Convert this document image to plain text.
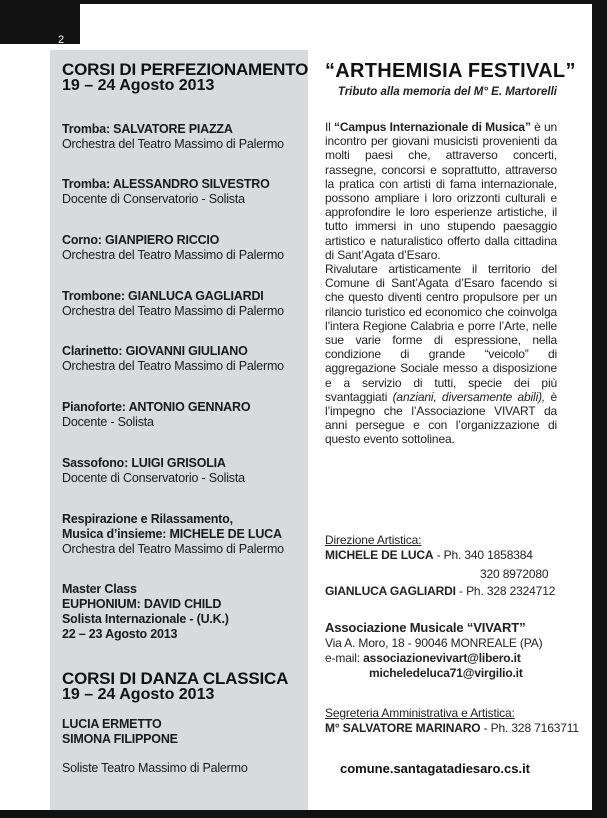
2
CORSI DI PERFEZIONAMENTO
19 – 24 Agosto 2013
Tromba: SALVATORE PIAZZA
Orchestra del Teatro Massimo di Palermo
Tromba: ALESSANDRO SILVESTRO
Docente di Conservatorio - Solista
Corno: GIANPIERO RICCIO
Orchestra del Teatro Massimo di Palermo
Trombone: GIANLUCA GAGLIARDI
Orchestra del Teatro Massimo di Palermo
Clarinetto: GIOVANNI GIULIANO
Orchestra del Teatro Massimo di Palermo
Pianoforte: ANTONIO GENNARO
Docente - Solista
Sassofono: LUIGI GRISOLIA
Docente di Conservatorio - Solista
Respirazione e Rilassamento,
Musica d’insieme: MICHELE DE LUCA
Orchestra del Teatro Massimo di Palermo
Master Class
EUPHONIUM: DAVID CHILD
Solista Internazionale - (U.K.)
22 – 23 Agosto 2013
CORSI DI DANZA CLASSICA
19 – 24 Agosto 2013
LUCIA ERMETTO
SIMONA FILIPPONE
Soliste Teatro Massimo di Palermo
“ARTHEMISIA FESTIVAL”
Tributo alla memoria del M° E. Martorelli
Il “Campus Internazionale di Musica” è un incontro per giovani musicisti provenienti da molti paesi che, attraverso concerti, rassegne, concorsi e soprattutto, attraverso la pratica con artisti di fama internazionale, possono ampliare i loro orizzonti culturali e approfondire le loro esperienze artistiche, il tutto immersi in uno stupendo paesaggio artistico e naturalistico offerto dalla cittadina di Sant’Agata d’Esaro.
Rivalutare artisticamente il territorio del Comune di Sant’Agata d’Esaro facendo si che questo diventi centro propulsore per un rilancio turistico ed economico che coinvolga l’intera Regione Calabria e porre l’Arte, nelle sue varie forme di espressione, nella condizione di grande “veicolo” di aggregazione Sociale messo a disposizione e a servizio di tutti, specie dei più svantaggiati (anziani, diversamente abili), è l’impegno che l’Associazione VIVART da anni persegue e con l’organizzazione di questo evento sottolinea.
Direzione Artistica:
MICHELE DE LUCA - Ph. 340 1858384
320 8972080
GIANLUCA GAGLIARDI - Ph. 328 2324712
Associazione Musicale “VIVART”
Via A. Moro, 18 - 90046 MONREALE (PA)
e-mail: associazionevivart@libero.it
micheledeluca71@virgilio.it
Segreteria Amministrativa e Artistica:
M° SALVATORE MARINARO - Ph. 328 7163711
comune.santagatadiesaro.cs.it
